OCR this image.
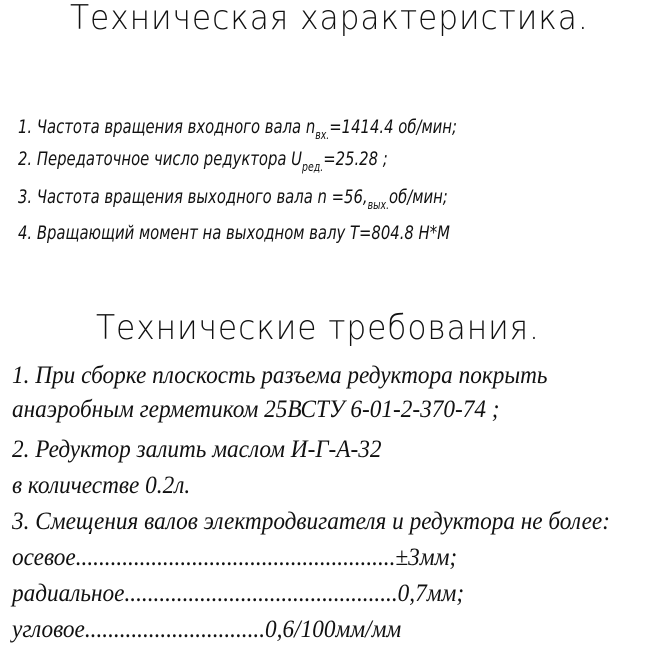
Техническая характеристика.
1. Частота вращения входного вала $n_{вх.}=1414.4$ об/мин;
2. Передаточное число редуктора $U_{ред.}=25.28$ ;
3. Частота вращения выходного вала $n =56,_{вых.}об$/мин;
4. Вращающий момент на выходном валу T=804.8 H*M
Технические требования.
1. При сборке плоскость разъема редуктора покрыть
анаэробным герметиком 25ВСТУ 6-01-2-370-74 ;
2. Редуктор залить маслом И-Г-А-32
в количестве 0.2л.
3. Смещения валов электродвигателя и редуктора не более:
осевое.......................................................±3мм;
радиальное...............................................0,7мм;
угловое...............................0,6/100мм/мм
